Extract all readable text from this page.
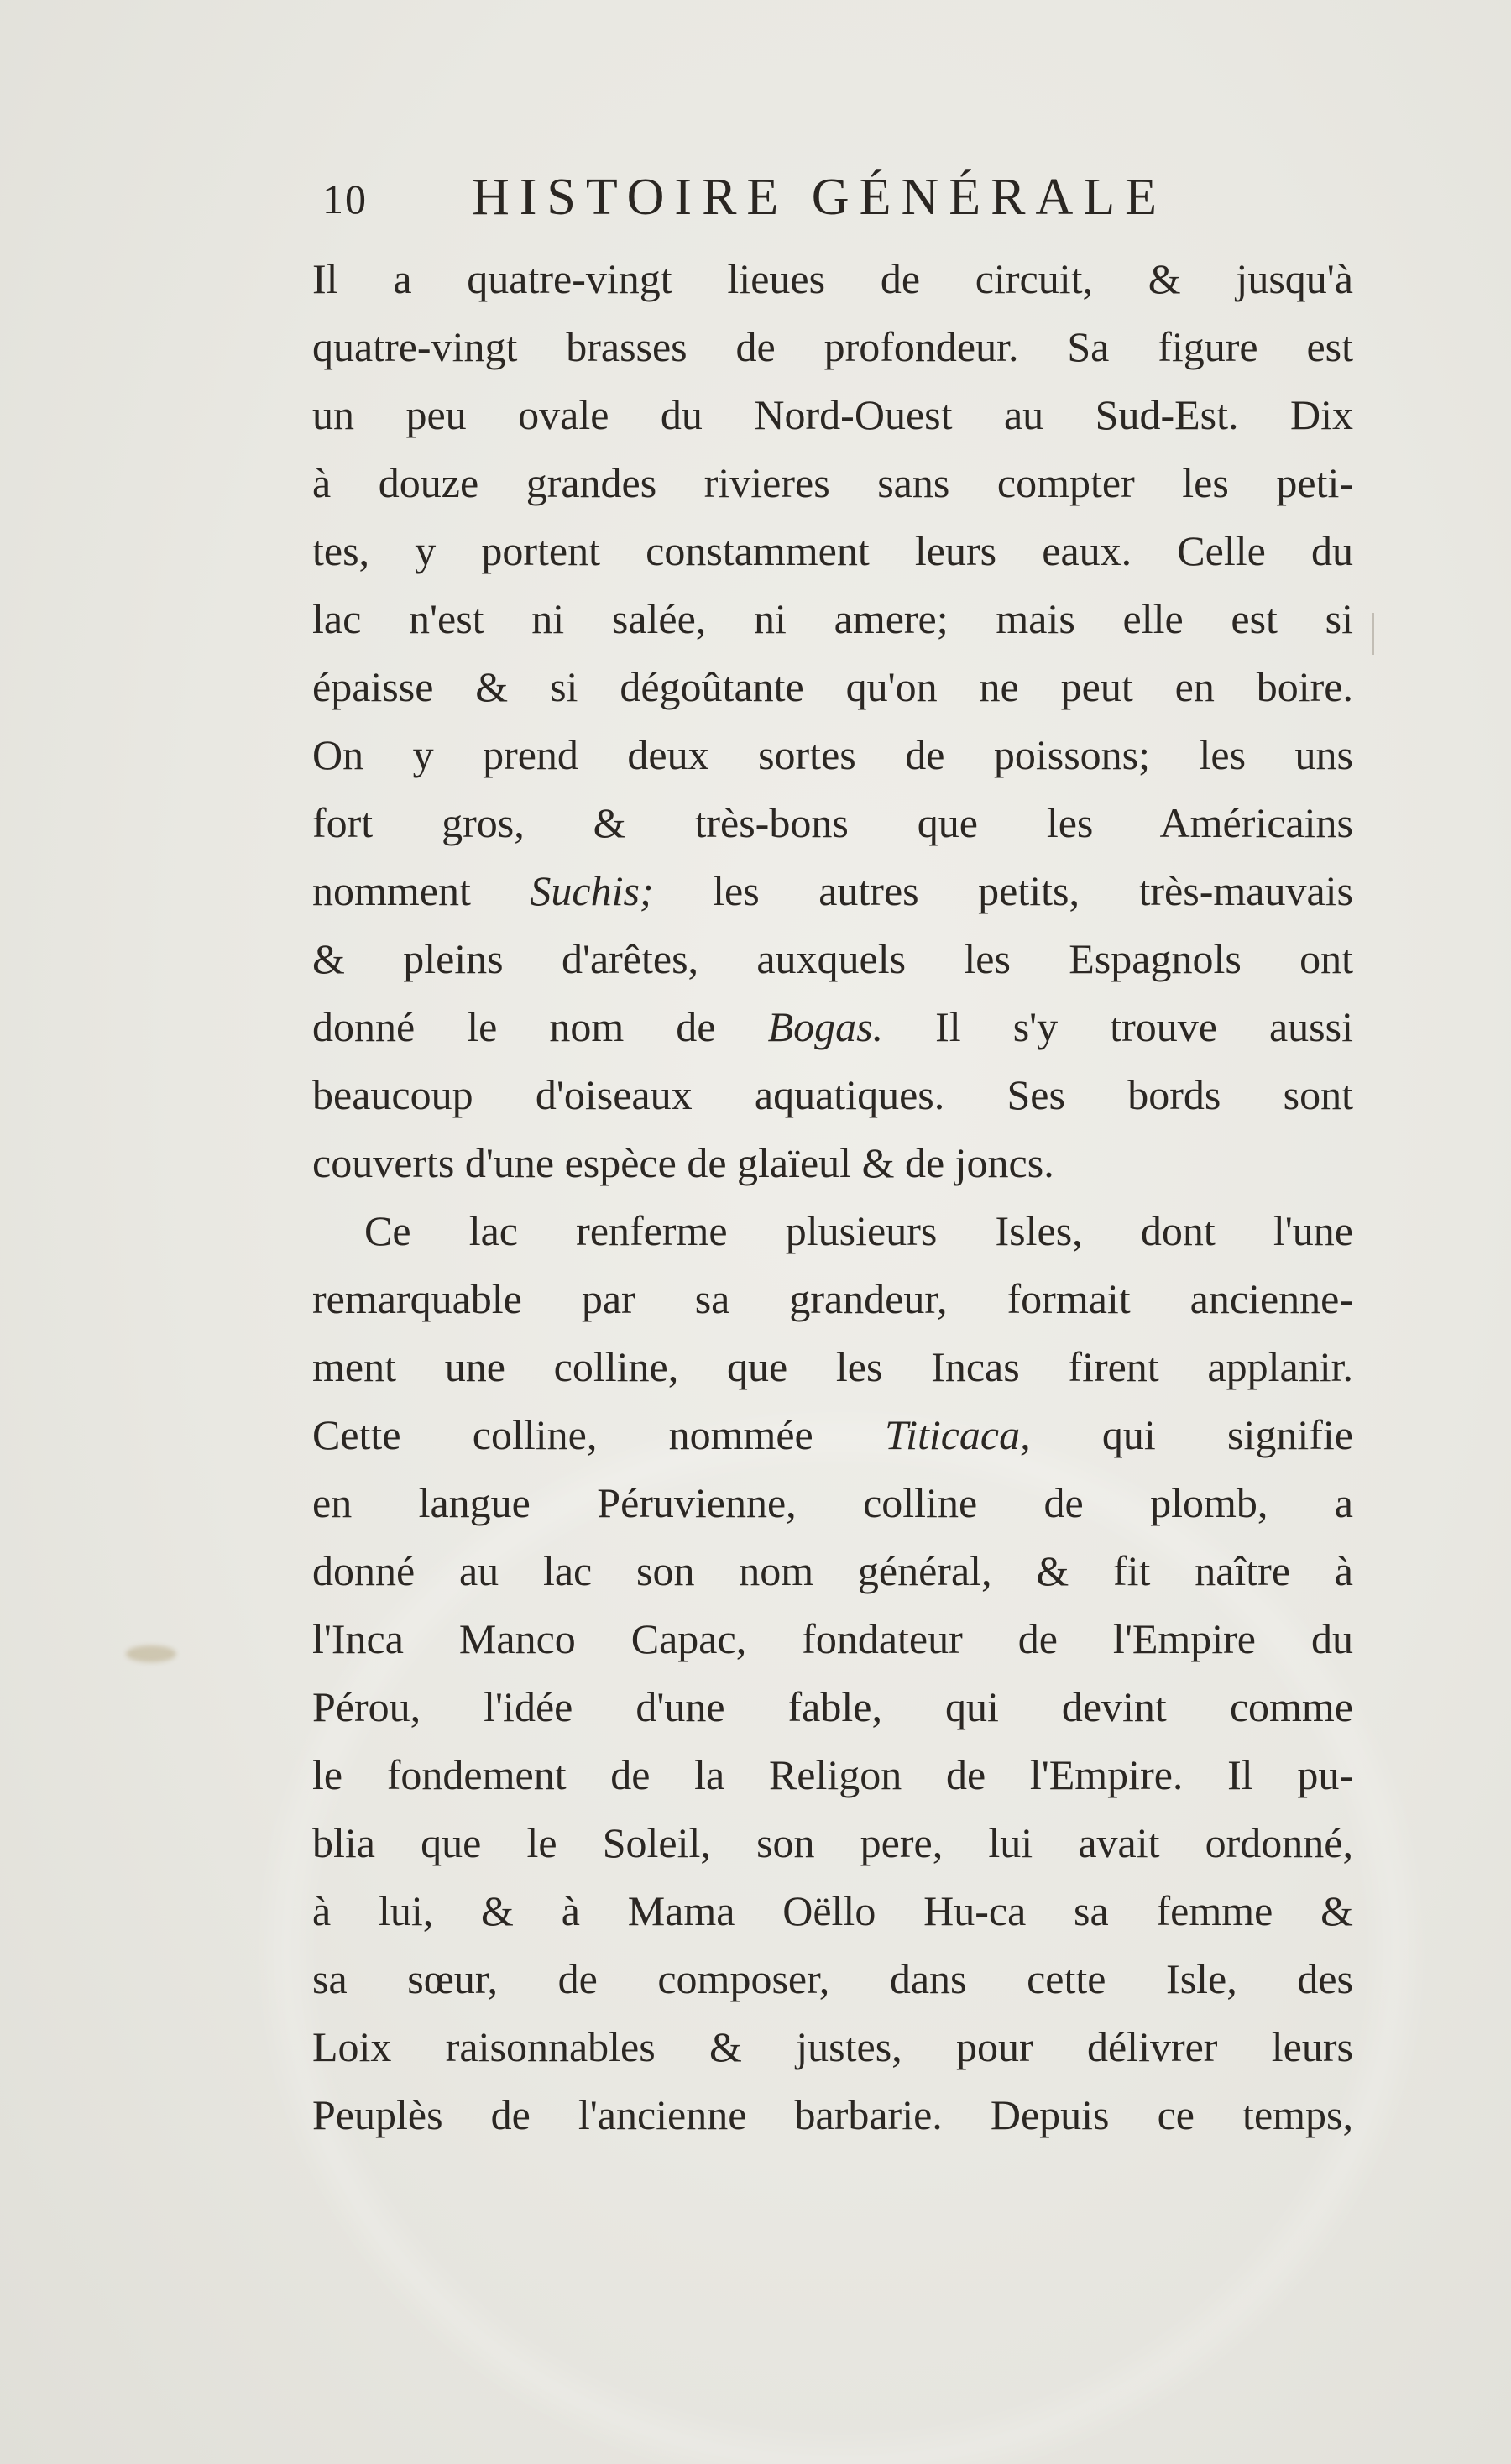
10 HISTOIRE GÉNÉRALE
Il a quatre-vingt lieues de circuit, & jusqu'à
quatre-vingt brasses de profondeur. Sa figure est
un peu ovale du Nord-Ouest au Sud-Est. Dix
à douze grandes rivieres sans compter les peti-
tes, y portent constamment leurs eaux. Celle du
lac n'est ni salée, ni amere; mais elle est si
épaisse & si dégoûtante qu'on ne peut en boire.
On y prend deux sortes de poissons; les uns
fort gros, & très-bons que les Américains
nomment Suchis; les autres petits, très-mauvais
& pleins d'arêtes, auxquels les Espagnols ont
donné le nom de Bogas. Il s'y trouve aussi
beaucoup d'oiseaux aquatiques. Ses bords sont
couverts d'une espèce de glaïeul & de joncs.
Ce lac renferme plusieurs Isles, dont l'une
remarquable par sa grandeur, formait ancienne-
ment une colline, que les Incas firent applanir.
Cette colline, nommée Titicaca, qui signifie
en langue Péruvienne, colline de plomb, a
donné au lac son nom général, & fit naître à
l'Inca Manco Capac, fondateur de l'Empire du
Pérou, l'idée d'une fable, qui devint comme
le fondement de la Religon de l'Empire. Il pu-
blia que le Soleil, son pere, lui avait ordonné,
à lui, & à Mama Oëllo Hu-ca sa femme &
sa sœur, de composer, dans cette Isle, des
Loix raisonnables & justes, pour délivrer leurs
Peuplès de l'ancienne barbarie. Depuis ce temps,
